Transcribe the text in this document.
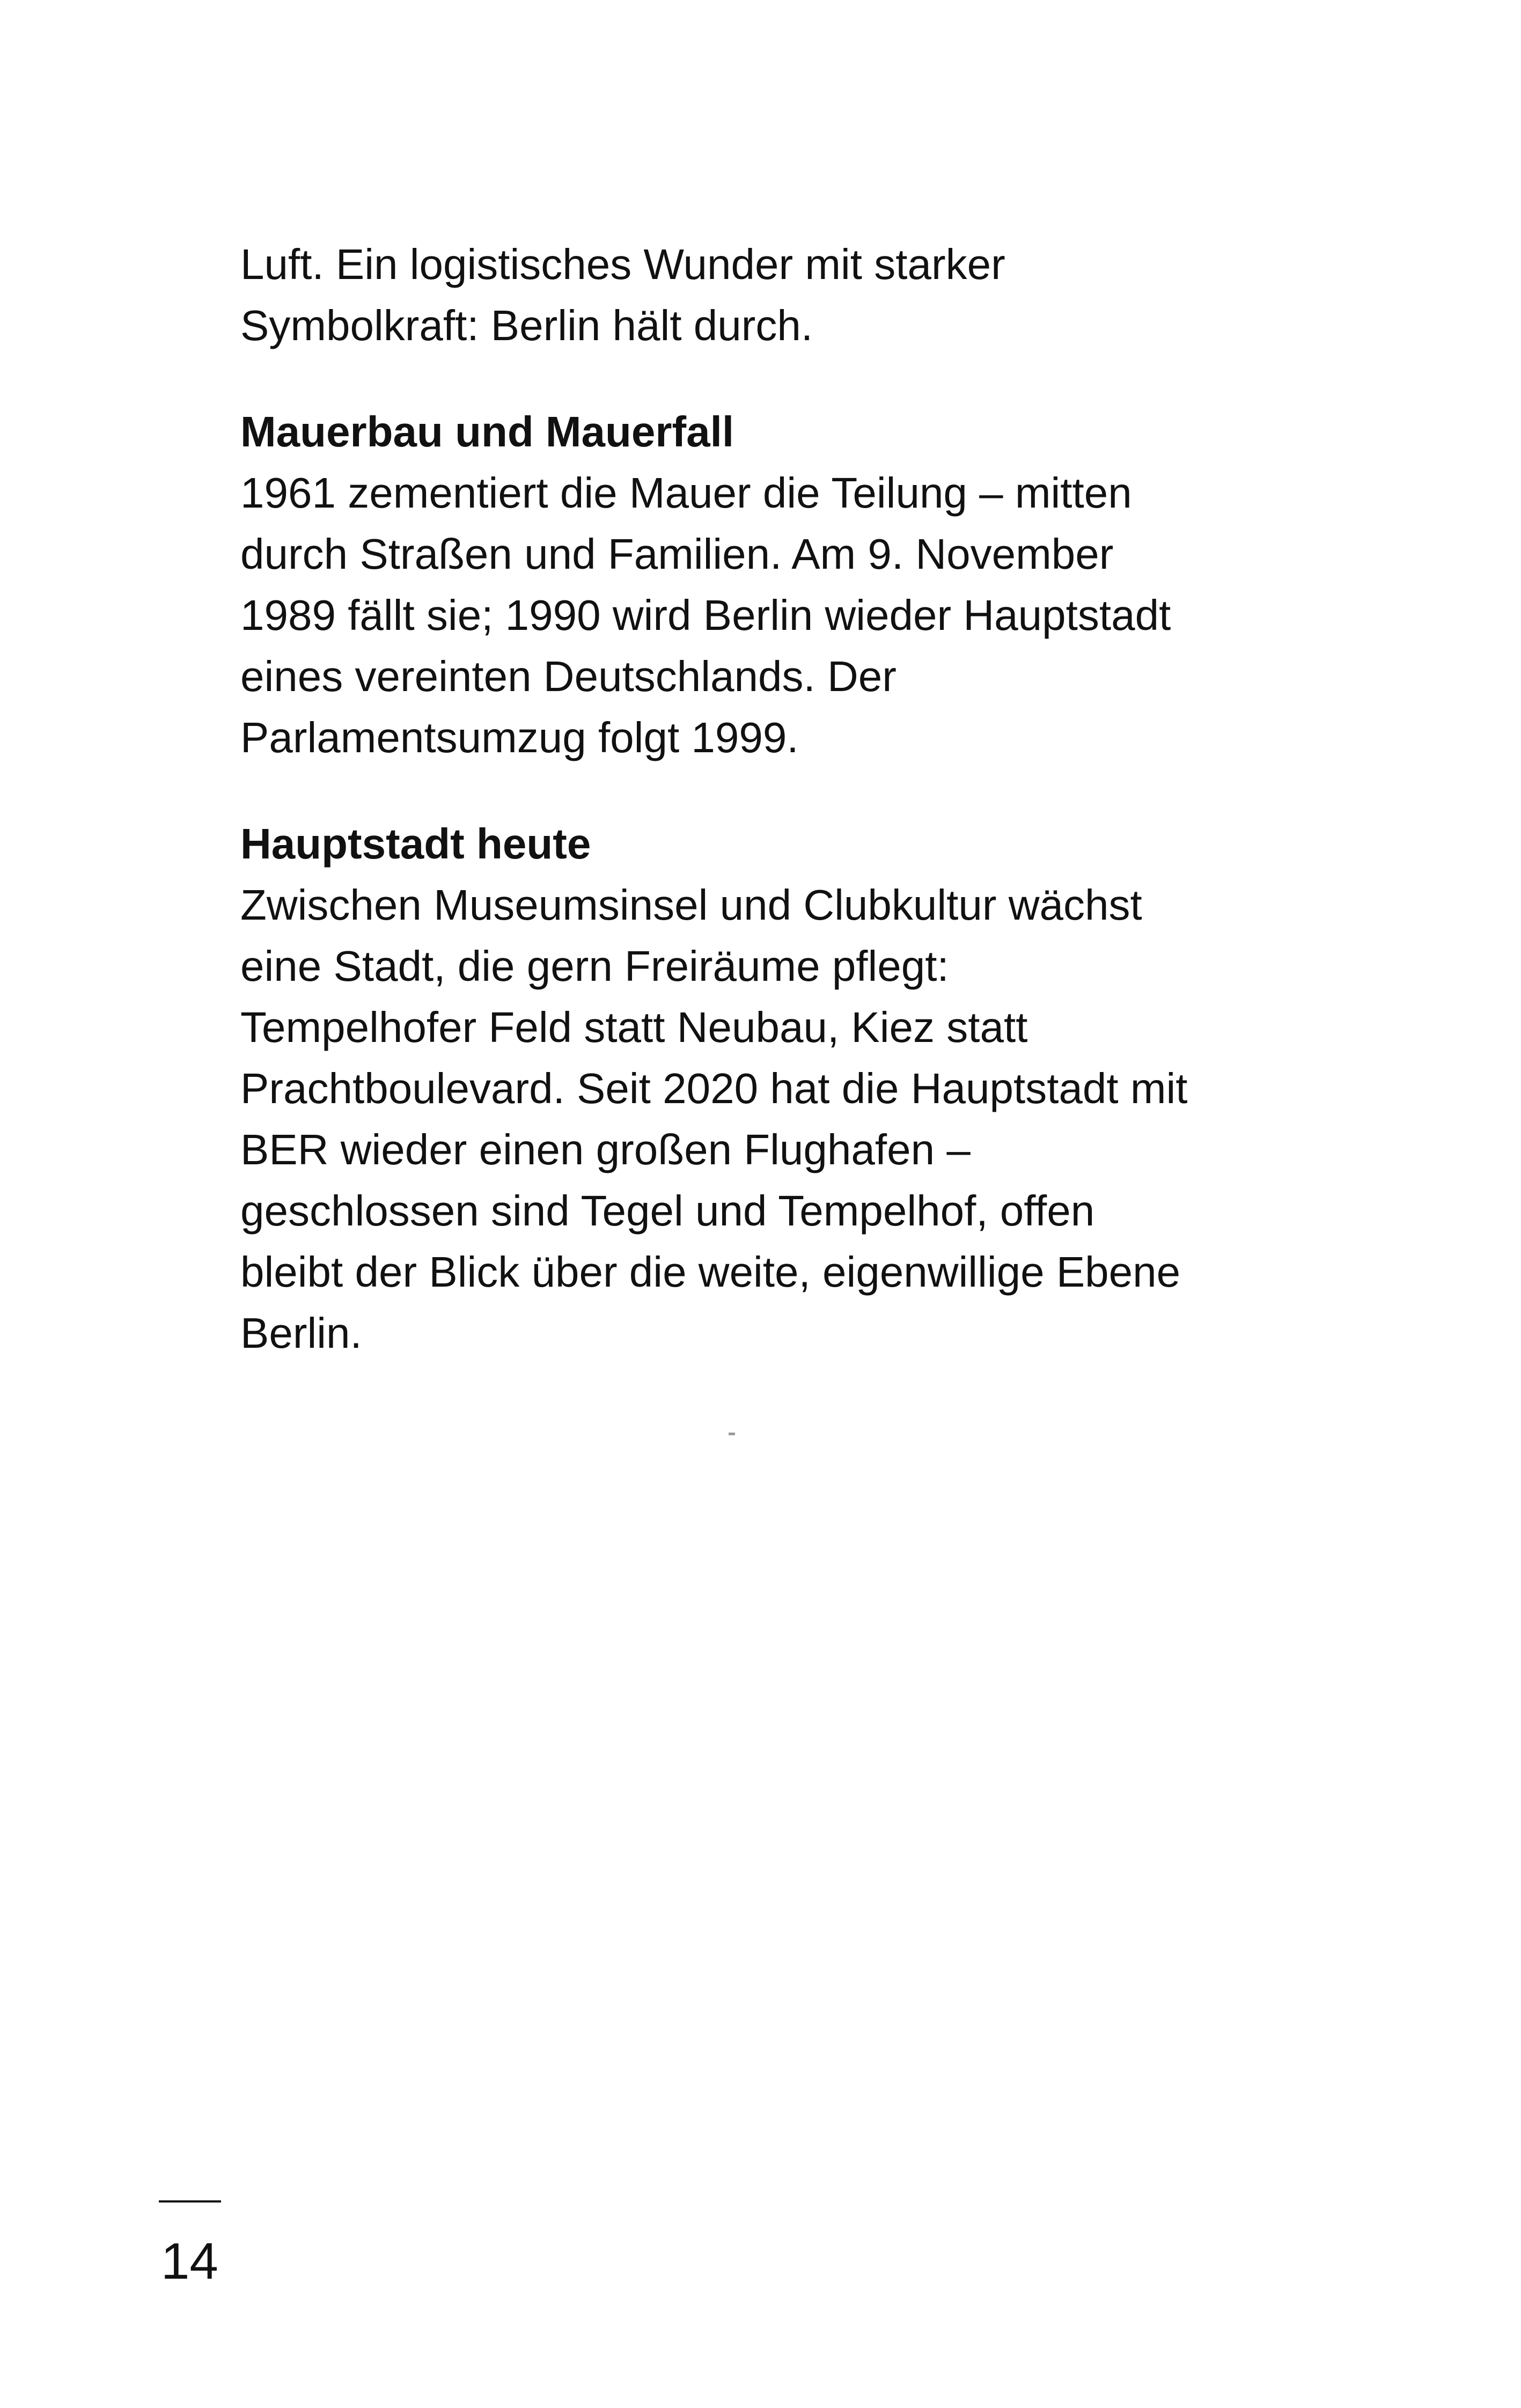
Luft. Ein logistisches Wunder mit starker
Symbolkraft: Berlin hält durch.
Mauerbau und Mauerfall
1961 zementiert die Mauer die Teilung – mitten
durch Straßen und Familien. Am 9. November
1989 fällt sie; 1990 wird Berlin wieder Hauptstadt
eines vereinten Deutschlands. Der
Parlamentsumzug folgt 1999.
Hauptstadt heute
Zwischen Museumsinsel und Clubkultur wächst
eine Stadt, die gern Freiräume pflegt:
Tempelhofer Feld statt Neubau, Kiez statt
Prachtboulevard. Seit 2020 hat die Hauptstadt mit
BER wieder einen großen Flughafen –
geschlossen sind Tegel und Tempelhof, offen
bleibt der Blick über die weite, eigenwillige Ebene
Berlin.
14
